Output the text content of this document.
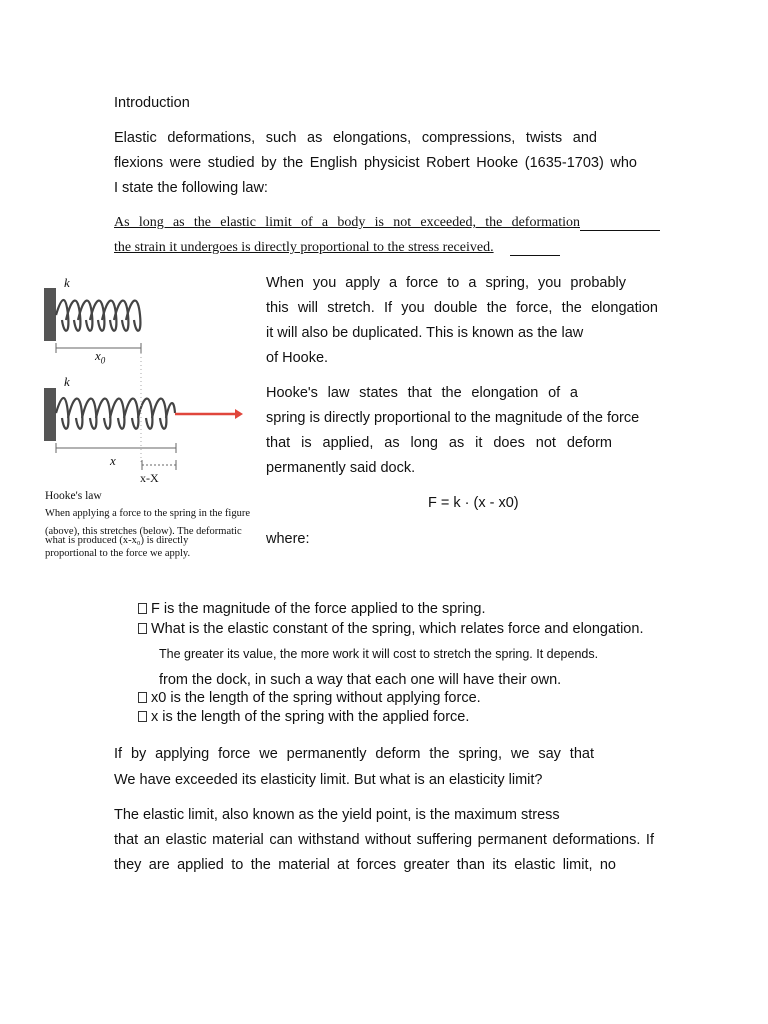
Introduction
Elastic deformations, such as elongations, compressions, twists and
flexions were studied by the English physicist Robert Hooke (1635-1703) who
I state the following law:
As long as the elastic limit of a body is not exceeded, the deformation
the strain it undergoes is directly proportional to the stress received.
k
$x_0$
k
x
x-X
Hooke's law
When applying a force to the spring in the figure
(above), this stretches (below). The deformatic
what is produced (x-x₀) is directly
proportional to the force we apply.
When you apply a force to a spring, you probably
this will stretch. If you double the force, the elongation
it will also be duplicated. This is known as the law
of Hooke.
Hooke's law states that the elongation of a
spring is directly proportional to the magnitude of the force
that is applied, as long as it does not deform
permanently said dock.
F = k · (x - x0)
where:
F is the magnitude of the force applied to the spring.
What is the elastic constant of the spring, which relates force and elongation.
The greater its value, the more work it will cost to stretch the spring. It depends.
from the dock, in such a way that each one will have their own.
x0 is the length of the spring without applying force.
x is the length of the spring with the applied force.
If by applying force we permanently deform the spring, we say that
We have exceeded its elasticity limit. But what is an elasticity limit?
The elastic limit, also known as the yield point, is the maximum stress
that an elastic material can withstand without suffering permanent deformations. If
they are applied to the material at forces greater than its elastic limit, no
